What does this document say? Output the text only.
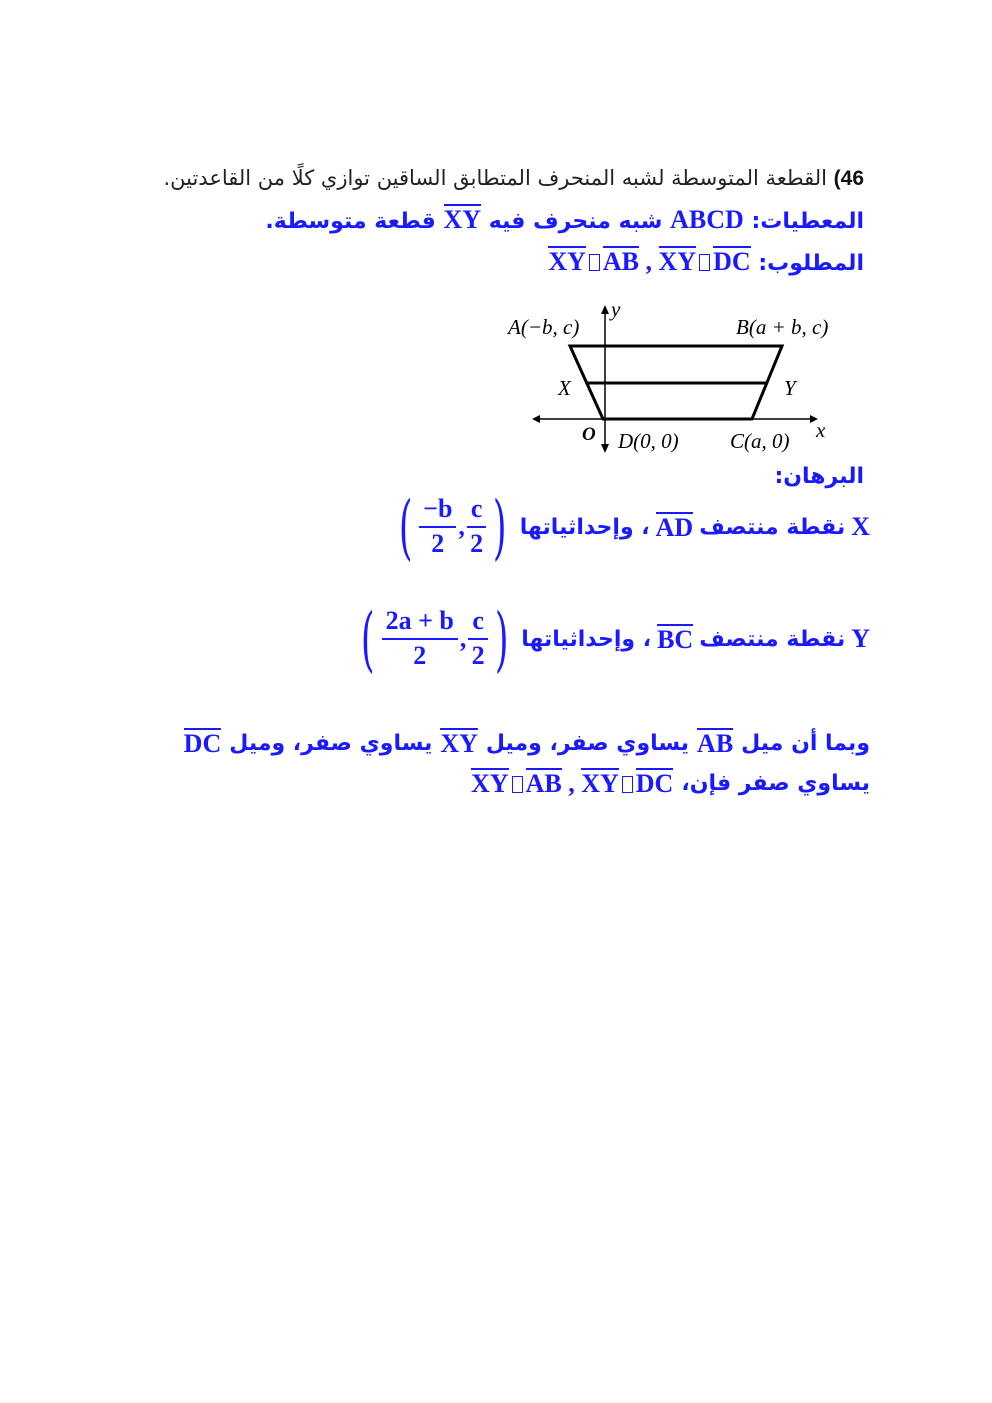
46) القطعة المتوسطة لشبه المنحرف المتطابق الساقين توازي كلًا من القاعدتين.
المعطيات: ABCD شبه منحرف فيه XY قطعة متوسطة.
المطلوب: XY AB , XY DC
A(−b, c)
y
B(a + b, c)
X	Y
O D(0, 0) C(a, 0) x
البرهان:
X
نقطة منتصف
AD
، وإحداثياتها
( $\frac{-b}{2}$ , $\frac{c}{2}$ )
Y
نقطة منتصف
BC
، وإحداثياتها
( $\frac{2a + b}{2}$ , $\frac{c}{2}$ )
وبما أن ميل
AB
يساوي صفر، وميل
XY
يساوي صفر، وميل
DC
يساوي صفر فإن،
XY AB , XY DC
